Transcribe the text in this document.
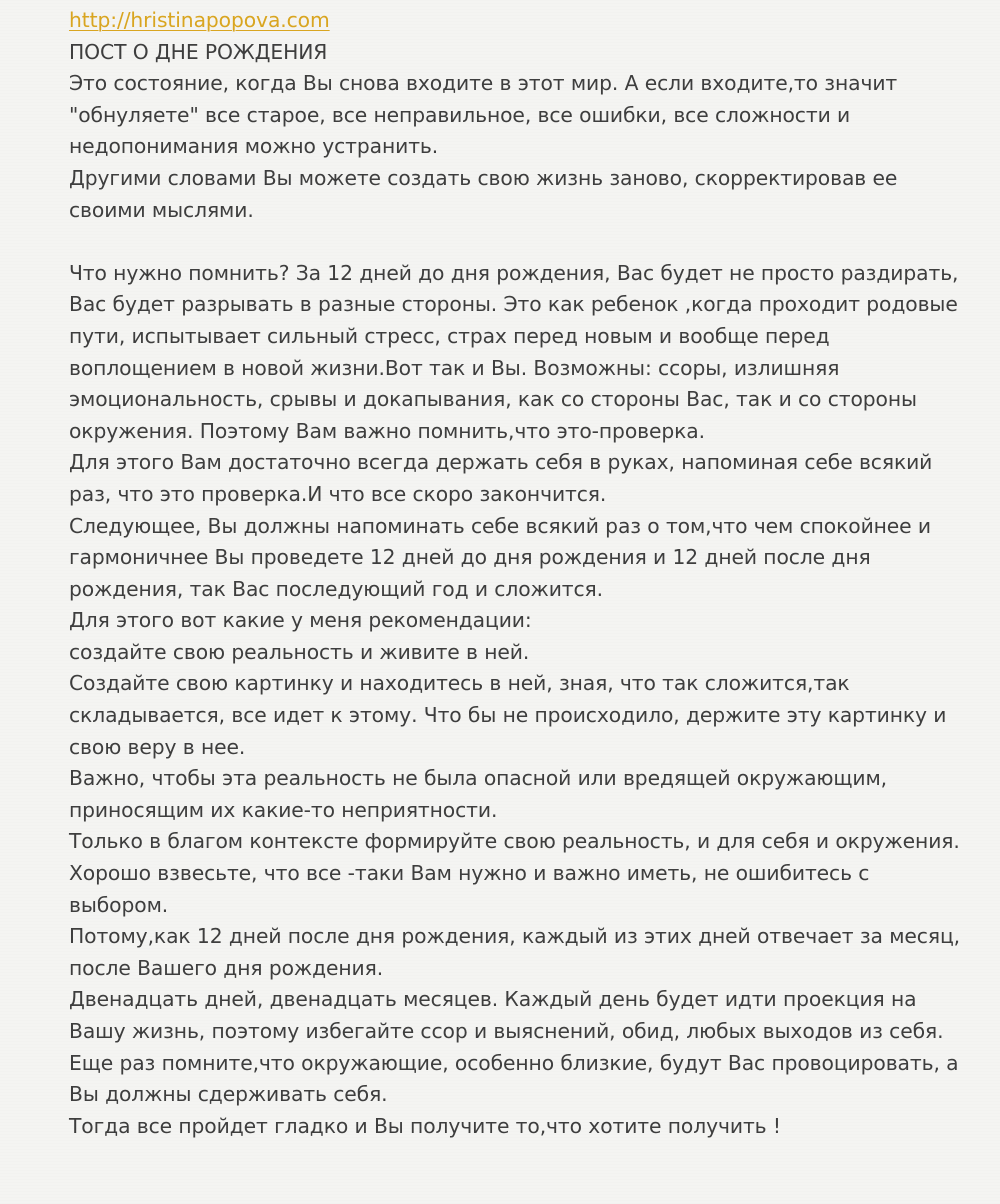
http://hristinapopova.com

ПОСТ О ДНЕ РОЖДЕНИЯ

Это состояние, когда Вы снова входите в этот мир. А если входите,то значит "обнуляете" все старое, все неправильное, все ошибки, все сложности и недопонимания можно устранить.

Другими словами Вы можете создать свою жизнь заново, скорректировав ее своими мыслями.

Что нужно помнить? За 12 дней до дня рождения, Вас будет не просто раздирать, Вас будет разрывать в разные стороны. Это как ребенок ,когда проходит родовые пути, испытывает сильный стресс, страх перед новым и вообще перед воплощением в новой жизни.Вот так и Вы. Возможны: ссоры, излишняя эмоциональность, срывы и докапывания, как со стороны Вас, так и со стороны окружения. Поэтому Вам важно помнить,что это-проверка.

Для этого Вам достаточно всегда держать себя в руках, напоминая себе всякий раз, что это проверка.И что все скоро закончится.

Следующее, Вы должны напоминать себе всякий раз о том,что чем спокойнее и гармоничнее Вы проведете 12 дней до дня рождения и 12 дней после дня рождения, так Вас последующий год и сложится.

Для этого вот какие у меня рекомендации:

создайте свою реальность и живите в ней.

Создайте свою картинку и находитесь в ней, зная, что так сложится,так складывается, все идет к этому. Что бы не происходило, держите эту картинку и свою веру в нее.

Важно, чтобы эта реальность не была опасной или вредящей окружающим, приносящим их какие-то неприятности.

Только в благом контексте формируйте свою реальность, и для себя и окружения.

Хорошо взвесьте, что все -таки Вам нужно и важно иметь, не ошибитесь с выбором.

Потому,как 12 дней после дня рождения, каждый из этих дней отвечает за месяц, после Вашего дня рождения.

Двенадцать дней, двенадцать месяцев. Каждый день будет идти проекция на Вашу жизнь, поэтому избегайте ссор и выяснений, обид, любых выходов из себя.

Еще раз помните,что окружающие, особенно близкие, будут Вас провоцировать, а Вы должны сдерживать себя.

Тогда все пройдет гладко и Вы получите то,что хотите получить !
